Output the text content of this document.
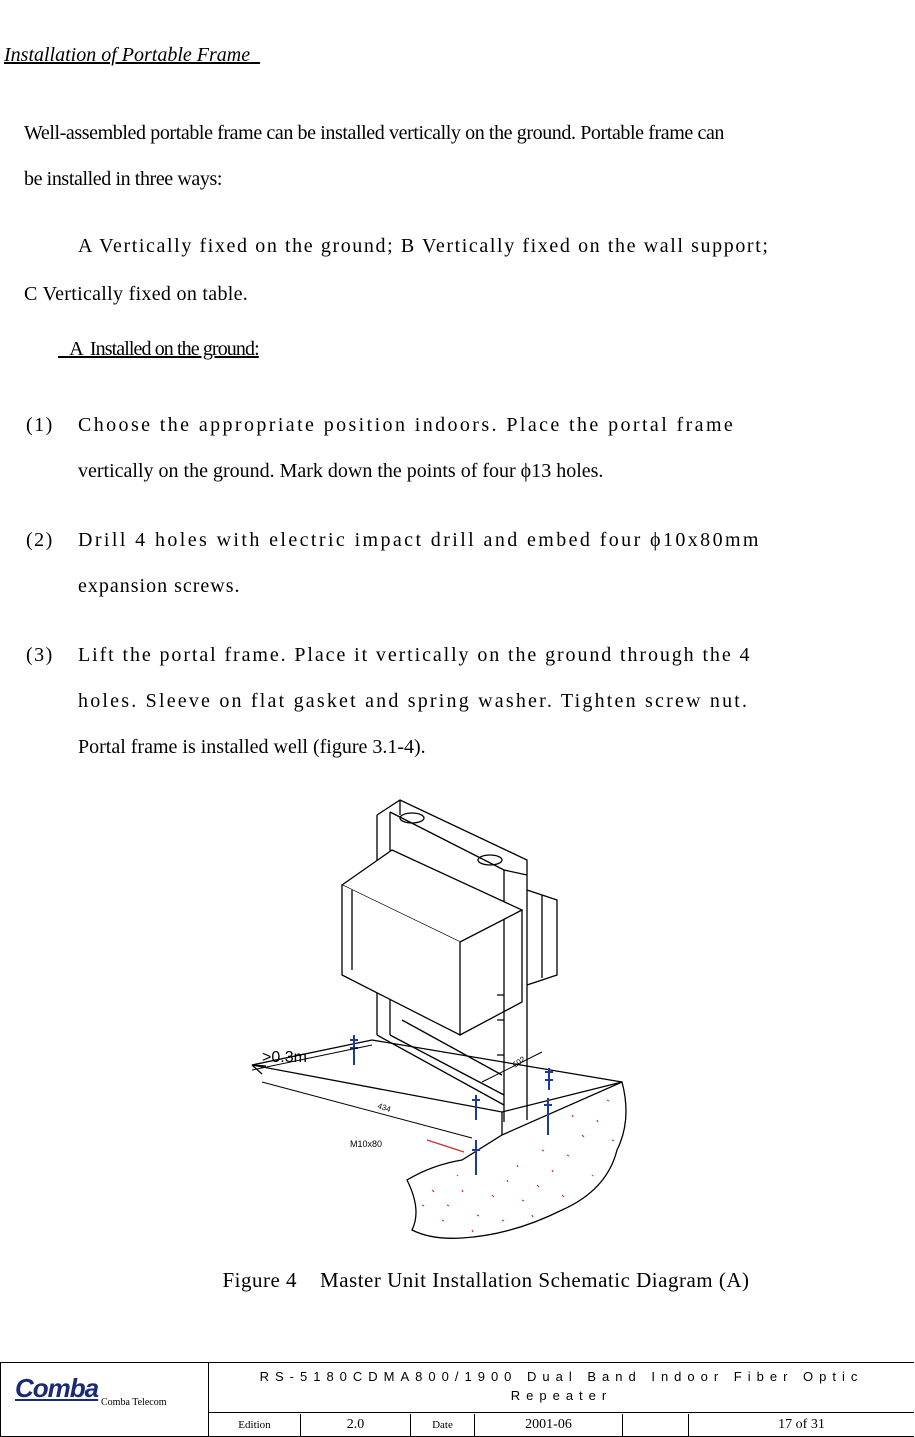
Installation of Portable Frame

Well-assembled portable frame can be installed vertically on the ground. Portable frame can

be installed in three ways:

A Vertically fixed on the ground; B Vertically fixed on the wall support;
C Vertically fixed on table.
A  Installed on the ground:
(1) Choose the appropriate position indoors. Place the portal frame
vertically on the ground. Mark down the points of four ϕ13 holes.
(2) Drill 4 holes with electric impact drill and embed four ϕ10x80mm
expansion screws.
(3) Lift the portal frame. Place it vertically on the ground through the 4
holes. Sleeve on flat gasket and spring washer. Tighten screw nut.
Portal frame is installed well (figure 3.1-4).
>0.3m
M10x80
502
434
Figure 4    Master Unit Installation Schematic Diagram (A)
Comba Comba Telecom
RS-5180CDMA800/1900 Dual Band Indoor Fiber Optic
Repeater
Edition	2.0	Date	2001-06	17 of 31
